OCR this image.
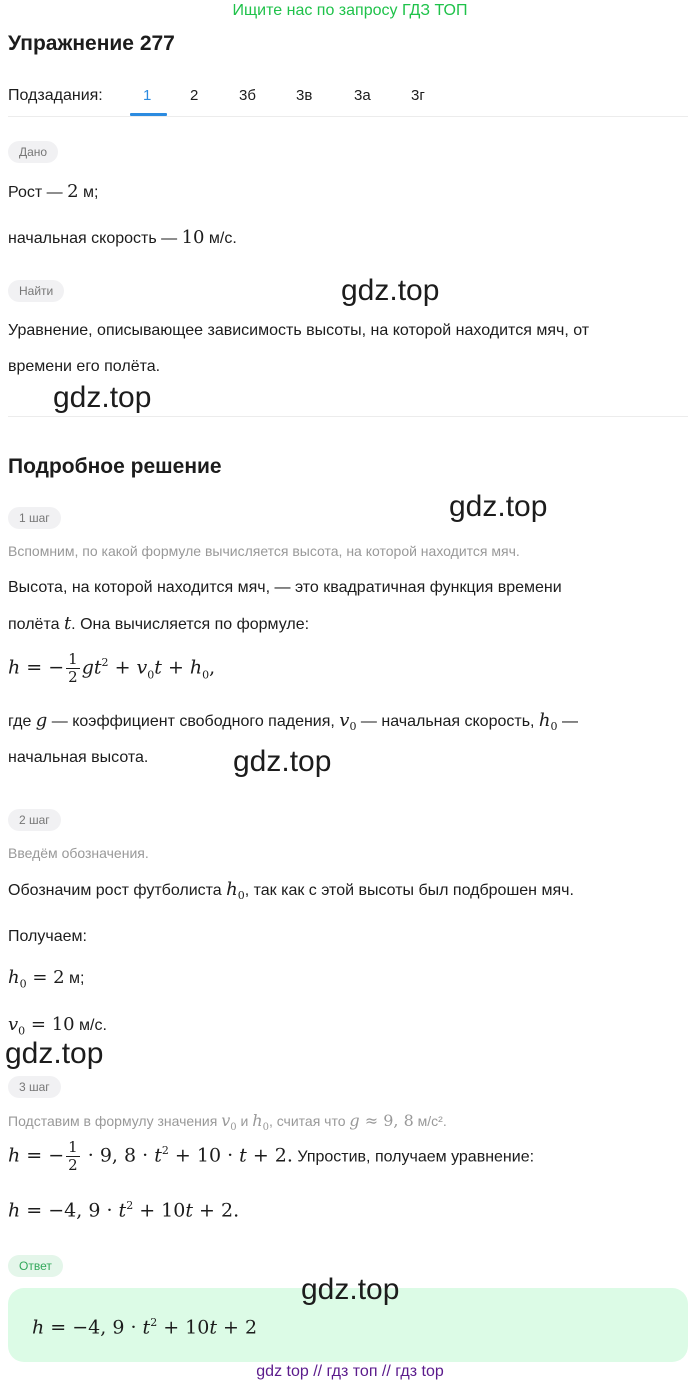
Ищите нас по запросу ГДЗ ТОП
Упражнение 277
Подзадания:	1	2	3б	3в	3а	3г
Дано
Рост — 2 м;
начальная скорость — 10 м/с.
Найти
Уравнение, описывающее зависимость высоты, на которой находится мяч, от
времени его полёта.
Подробное решение
1 шаг
Вспомним, по какой формуле вычисляется высота, на которой находится мяч.
Высота, на которой находится мяч, — это квадратичная функция времени
полёта t. Она вычисляется по формуле:
h = − $\frac{1}{2} gt^2 + v_0t + h_0$,
где g — коэффициент свободного падения, $v_0$ — начальная скорость, $h_0$ —
начальная высота.
2 шаг
Введём обозначения.
Обозначим рост футболиста $h_0$, так как с этой высоты был подброшен мяч.
Получаем:
$h_0 = 2$ м;
$v_0 = 10$ м/с.
3 шаг
Подставим в формулу значения $v_0$ и $h_0$, считая что g ≈ 9, 8 м/с².
h = − $\frac{1}{2} \cdot 9$, $8 \cdot t^2 + 10 \cdot t + 2$. Упростив, получаем уравнение:
h = −4, $9 \cdot t^2 + 10t + 2$.
Ответ
h = −4, $9 \cdot t^2 + 10t + 2$
gdz.top
gdz.top
gdz.top
gdz.top
gdz.top
gdz.top
gdz top // гдз топ // гдз top
